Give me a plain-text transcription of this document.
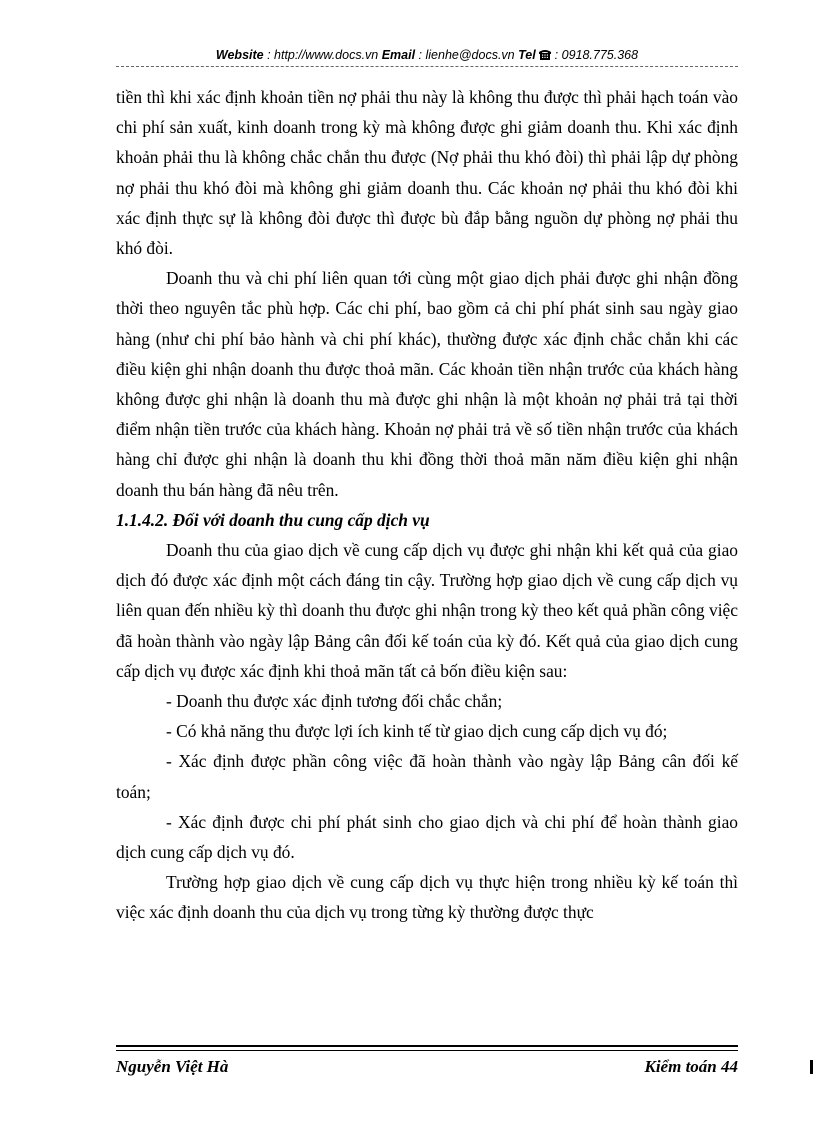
Website : http://www.docs.vn Email : lienhe@docs.vn Tel  : 0918.775.368

tiền thì khi xác định khoản tiền nợ phải thu này là không thu được thì phải hạch toán vào chi phí sản xuất, kinh doanh trong kỳ mà không được ghi giảm doanh thu. Khi xác định khoản phải thu là không chắc chắn thu được (Nợ phải thu khó đòi) thì phải lập dự phòng nợ phải thu khó đòi mà không ghi giảm doanh thu. Các khoản nợ phải thu khó đòi khi xác định thực sự là không đòi được thì được bù đắp bằng nguồn dự phòng nợ phải thu khó đòi.

Doanh thu và chi phí liên quan tới cùng một giao dịch phải được ghi nhận đồng thời theo nguyên tắc phù hợp. Các chi phí, bao gồm cả chi phí phát sinh sau ngày giao hàng (như chi phí bảo hành và chi phí khác), thường được xác định chắc chắn khi các điều kiện ghi nhận doanh thu được thoả mãn. Các khoản tiền nhận trước của khách hàng không được ghi nhận là doanh thu mà được ghi nhận là một khoản nợ phải trả tại thời điểm nhận tiền trước của khách hàng. Khoản nợ phải trả về số tiền nhận trước của khách hàng chỉ được ghi nhận là doanh thu khi đồng thời thoả mãn năm điều kiện ghi nhận doanh thu bán hàng đã nêu trên.

1.1.4.2. Đối với doanh thu cung cấp dịch vụ

Doanh thu của giao dịch về cung cấp dịch vụ được ghi nhận khi kết quả của giao dịch đó được xác định một cách đáng tin cậy. Trường hợp giao dịch về cung cấp dịch vụ liên quan đến nhiều kỳ thì doanh thu được ghi nhận trong kỳ theo kết quả phần công việc đã hoàn thành vào ngày lập Bảng cân đối kế toán của kỳ đó. Kết quả của giao dịch cung cấp dịch vụ được xác định khi thoả mãn tất cả bốn điều kiện sau:

- Doanh thu được xác định tương đối chắc chắn;

- Có khả năng thu được lợi ích kinh tế từ giao dịch cung cấp dịch vụ đó;

- Xác định được phần công việc đã hoàn thành vào ngày lập Bảng cân đối kế toán;

- Xác định được chi phí phát sinh cho giao dịch và chi phí để hoàn thành giao dịch cung cấp dịch vụ đó.

Trường hợp giao dịch về cung cấp dịch vụ thực hiện trong nhiều kỳ kế toán thì việc xác định doanh thu của dịch vụ trong từng kỳ thường được thực

Nguyễn Việt Hà	Kiểm toán 44
